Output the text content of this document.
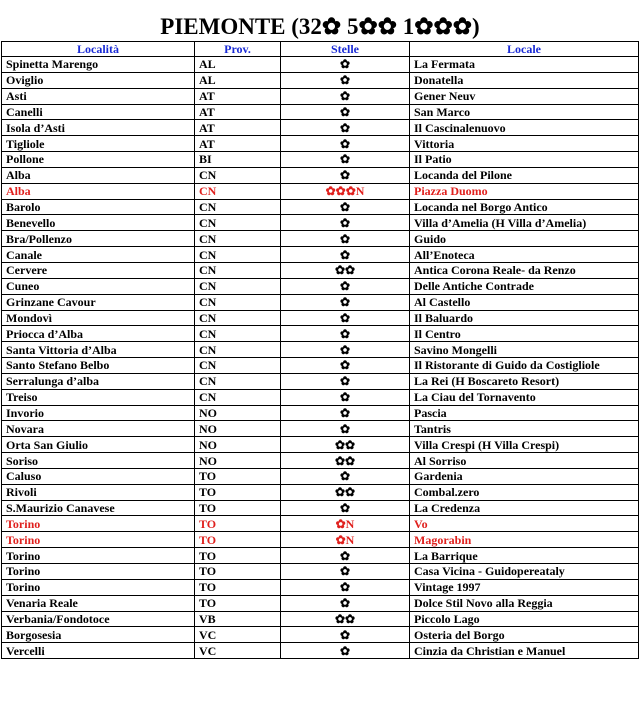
PIEMONTE (32✿ 5✿✿ 1✿✿✿)
Località	Prov.	Stelle	Locale
Spinetta Marengo	AL	✿	La Fermata
Oviglio	AL	✿	Donatella
Asti	AT	✿	Gener Neuv
Canelli	AT	✿	San Marco
Isola d’Asti	AT	✿	Il Cascinalenuovo
Tigliole	AT	✿	Vittoria
Pollone	BI	✿	Il Patio
Alba	CN	✿	Locanda del Pilone
Alba	CN	✿✿✿N	Piazza Duomo
Barolo	CN	✿	Locanda nel Borgo Antico
Benevello	CN	✿	Villa d’Amelia (H Villa d’Amelia)
Bra/Pollenzo	CN	✿	Guido
Canale	CN	✿	All’Enoteca
Cervere	CN	✿✿	Antica Corona Reale- da Renzo
Cuneo	CN	✿	Delle Antiche Contrade
Grinzane Cavour	CN	✿	Al Castello
Mondovì	CN	✿	Il Baluardo
Priocca d’Alba	CN	✿	Il Centro
Santa Vittoria d’Alba	CN	✿	Savino Mongelli
Santo Stefano Belbo	CN	✿	Il Ristorante di Guido da Costigliole
Serralunga d’alba	CN	✿	La Rei (H Boscareto Resort)
Treiso	CN	✿	La Ciau del Tornavento
Invorio	NO	✿	Pascia
Novara	NO	✿	Tantris
Orta San Giulio	NO	✿✿	Villa Crespi (H Villa Crespi)
Soriso	NO	✿✿	Al Sorriso
Caluso	TO	✿	Gardenia
Rivoli	TO	✿✿	Combal.zero
S.Maurizio Canavese	TO	✿	La Credenza
Torino	TO	✿N	Vo
Torino	TO	✿N	Magorabin
Torino	TO	✿	La Barrique
Torino	TO	✿	Casa Vicina - Guidopereataly
Torino	TO	✿	Vintage 1997
Venaria Reale	TO	✿	Dolce Stil Novo alla Reggia
Verbania/Fondotoce	VB	✿✿	Piccolo Lago
Borgosesia	VC	✿	Osteria del Borgo
Vercelli	VC	✿	Cinzia da Christian e Manuel
